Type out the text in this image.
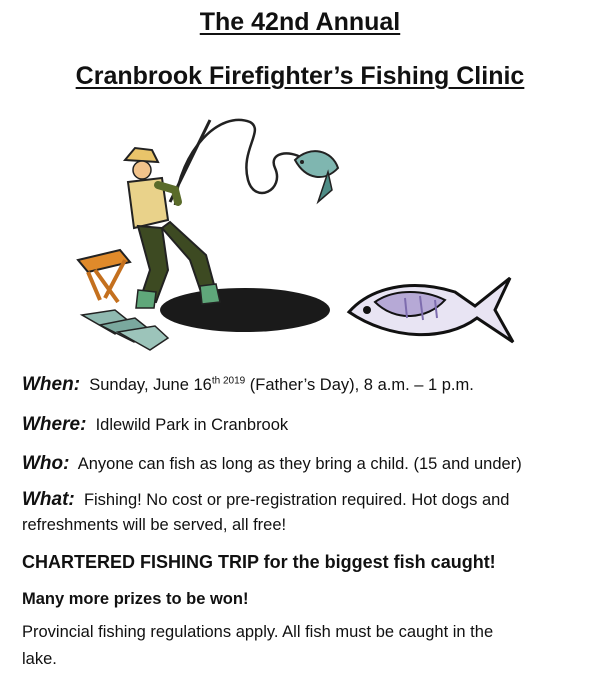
The 42nd Annual
Cranbrook Firefighter’s Fishing Clinic
When: Sunday, June $16^{th 2019}$ (Father’s Day), 8 a.m. – 1 p.m.
Where: Idlewild Park in Cranbrook
Who: Anyone can fish as long as they bring a child. (15 and under)
What: Fishing! No cost or pre-registration required. Hot dogs and
refreshments will be served, all free!
CHARTERED FISHING TRIP for the biggest fish caught!
Many more prizes to be won!
Provincial fishing regulations apply. All fish must be caught in the
lake.
